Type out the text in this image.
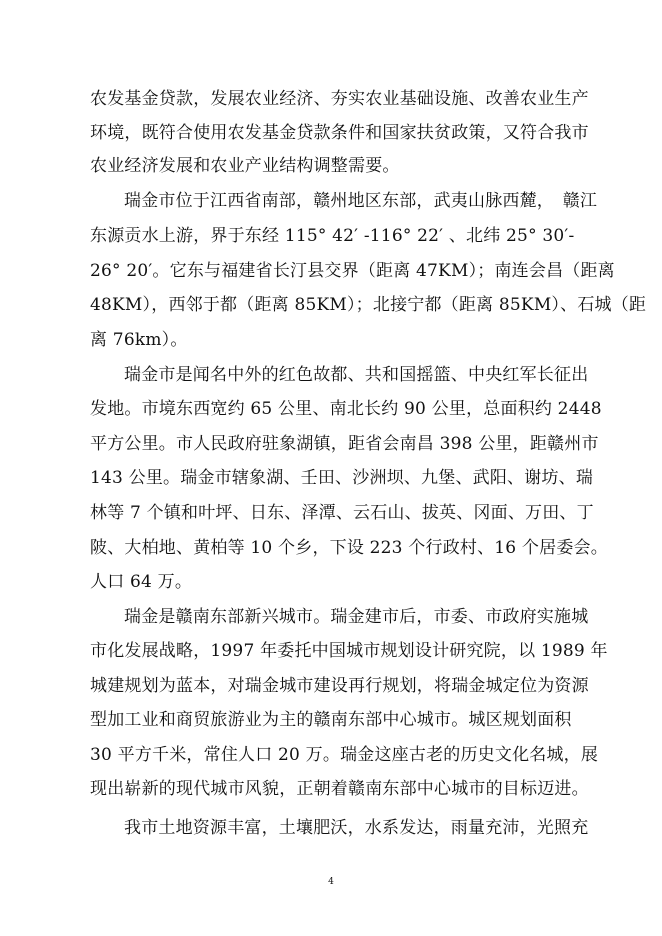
农发基金贷款，发展农业经济、夯实农业基础设施、改善农业生产
环境，既符合使用农发基金贷款条件和国家扶贫政策，又符合我市
农业经济发展和农业产业结构调整需要。
瑞金市位于江西省南部，赣州地区东部，武夷山脉西麓，　赣江
东源贡水上游，界于东经 115° 42′ -116° 22′ 、北纬 25° 30′-
26° 20′。它东与福建省长汀县交界（距离 47KM）；南连会昌（距离
48KM），西邻于都（距离 85KM）；北接宁都（距离 85KM）、石城（距
离 76km）。
瑞金市是闻名中外的红色故都、共和国摇篮、中央红军长征出
发地。市境东西宽约 65 公里、南北长约 90 公里，总面积约 2448
平方公里。市人民政府驻象湖镇，距省会南昌 398 公里，距赣州市
143 公里。瑞金市辖象湖、壬田、沙洲坝、九堡、武阳、谢坊、瑞
林等 7 个镇和叶坪、日东、泽潭、云石山、拔英、冈面、万田、丁
陂、大柏地、黄柏等 10 个乡，下设 223 个行政村、16 个居委会。
人口 64 万。
瑞金是赣南东部新兴城市。瑞金建市后，市委、市政府实施城
市化发展战略，1997 年委托中国城市规划设计研究院，以 1989 年
城建规划为蓝本，对瑞金城市建设再行规划，将瑞金城定位为资源
型加工业和商贸旅游业为主的赣南东部中心城市。城区规划面积
30 平方千米，常住人口 20 万。瑞金这座古老的历史文化名城，展
现出崭新的现代城市风貌，正朝着赣南东部中心城市的目标迈进。
我市土地资源丰富，土壤肥沃，水系发达，雨量充沛，光照充
4
